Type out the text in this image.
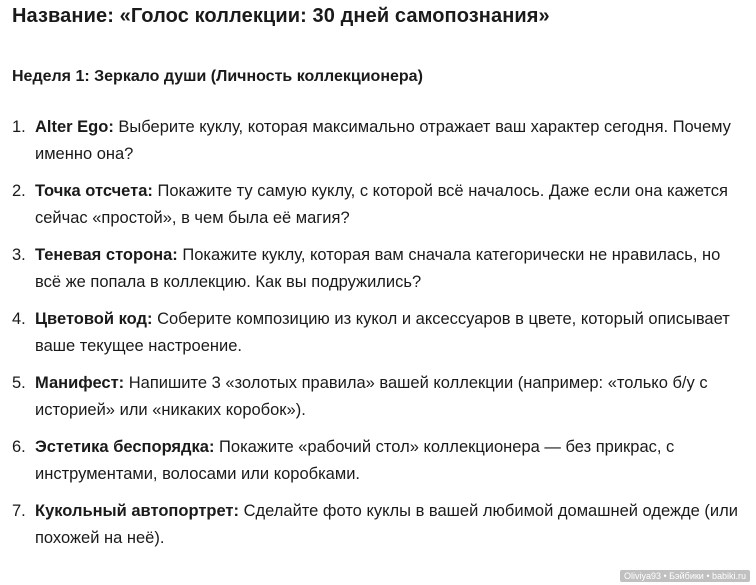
Название: «Голос коллекции: 30 дней самопознания»
Неделя 1: Зеркало души (Личность коллекционера)
1. Alter Ego: Выберите куклу, которая максимально отражает ваш характер сегодня. Почему именно она?
2. Точка отсчета: Покажите ту самую куклу, с которой всё началось. Даже если она кажется сейчас «простой», в чем была её магия?
3. Теневая сторона: Покажите куклу, которая вам сначала категорически не нравилась, но всё же попала в коллекцию. Как вы подружились?
4. Цветовой код: Соберите композицию из кукол и аксессуаров в цвете, который описывает ваше текущее настроение.
5. Манифест: Напишите 3 «золотых правила» вашей коллекции (например: «только б/у с историей» или «никаких коробок»).
6. Эстетика беспорядка: Покажите «рабочий стол» коллекционера — без прикрас, с инструментами, волосами или коробками.
7. Кукольный автопортрет: Сделайте фото куклы в вашей любимой домашней одежде (или похожей на неё).
Oliviya93 • Бэйбики • babiki.ru
